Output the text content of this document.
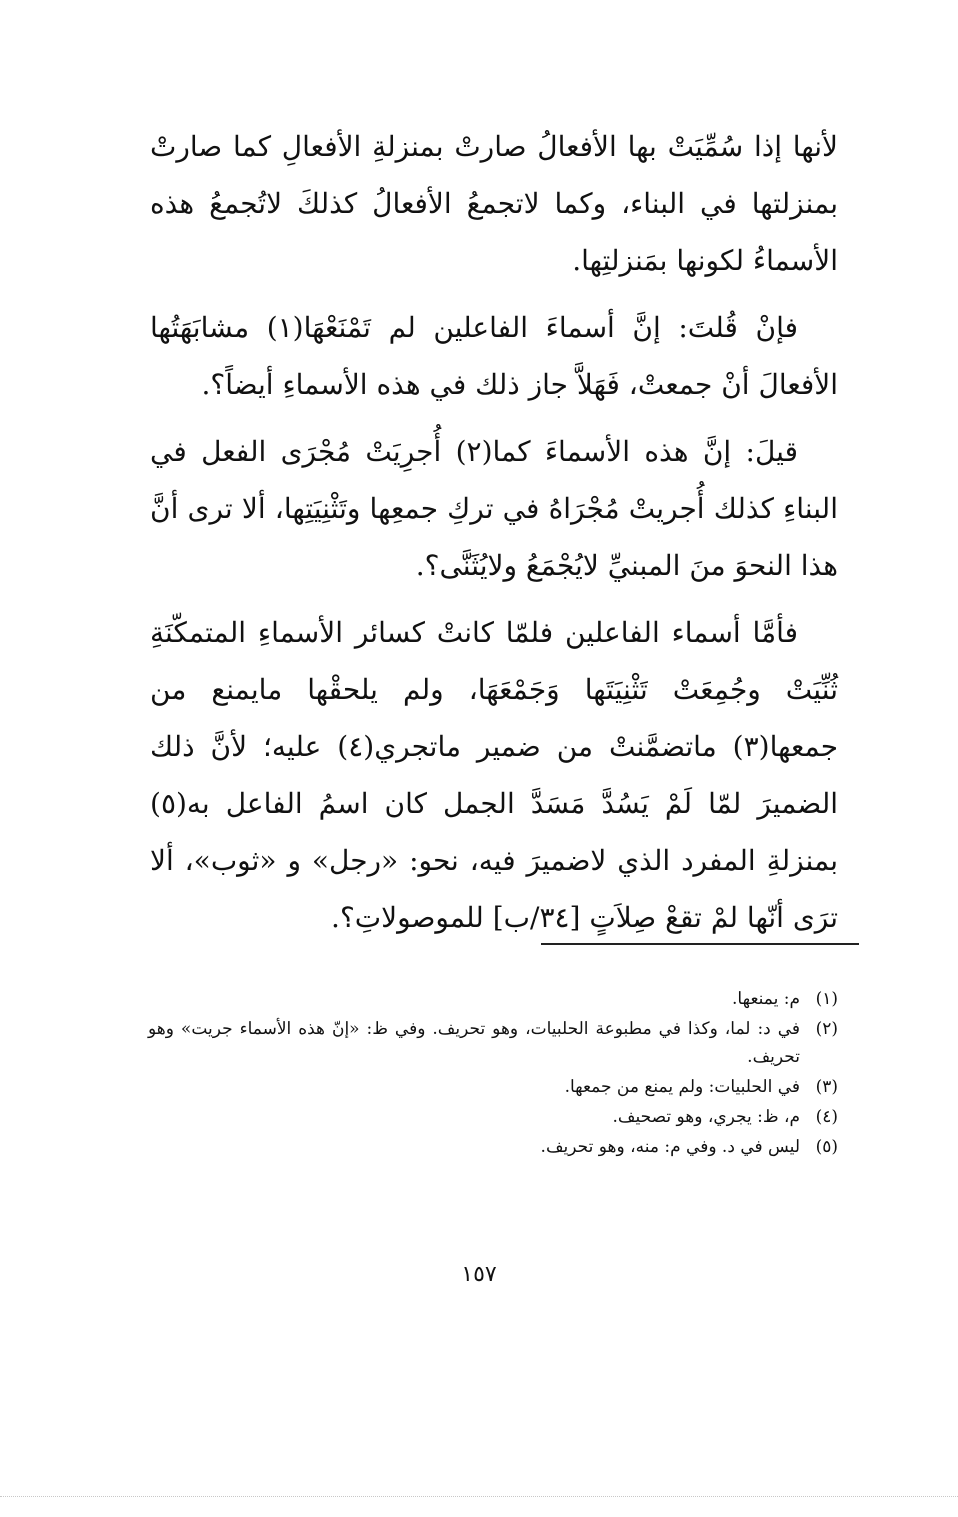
لأنها إذا سُمِّيَتْ بها الأفعالُ صارتْ بمنزلةِ الأفعالِ كما صارتْ بمنزلتها في البناء، وكما لاتجمعُ الأفعالُ كذلكَ لاتُجمعُ هذه الأسماءُ لكونها بمَنزلتِها.

فإنْ قُلتَ: إنَّ أسماءَ الفاعلين لم تَمْنَعْهَا(١) مشابَهَتُها الأفعالَ أنْ جمعتْ، فَهَلاَّ جاز ذلك في هذه الأسماءِ أيضاً؟.

قيلَ: إنَّ هذه الأسماءَ كما(٢) أُجرِيَتْ مُجْرَى الفعل في البناءِ كذلك أُجريتْ مُجْرَاهُ في تركِ جمعِها وتَثْنِيَتِها، ألا ترى أنَّ هذا النحوَ منَ المبنيِّ لايُجْمَعُ ولايُثَنَّى؟.

فأمَّا أسماء الفاعلين فلمّا كانتْ كسائر الأسماءِ المتمكّنَةِ ثُنِّيَتْ وجُمِعَتْ تَثْنِيَتَها وَجَمْعَهَا، ولم يلحقْها مايمنع من جمعها(٣) ماتضمَّنتْ من ضمير ماتجري(٤) عليه؛ لأنَّ ذلك الضميرَ لمّا لَمْ يَسُدَّ مَسَدَّ الجمل كان اسمُ الفاعل به(٥) بمنزلةِ المفرد الذي لاضميرَ فيه، نحو: «رجل» و «ثوب»، ألا ترَى أنّها لمْ تقعْ صِلاَتٍ [٣٤/ب] للموصولاتِ؟.

(١)
م: يمنعها.
(٢)
في د: لما، وكذا في مطبوعة الحلبيات، وهو تحريف. وفي ظ: «إنّ هذه الأسماء جريت» وهو تحريف.
(٣)
في الحلبيات: ولم يمنع من جمعها.
(٤)
م، ظ: يجري، وهو تصحيف.
(٥)
ليس في د. وفي م: منه، وهو تحريف.
١٥٧
